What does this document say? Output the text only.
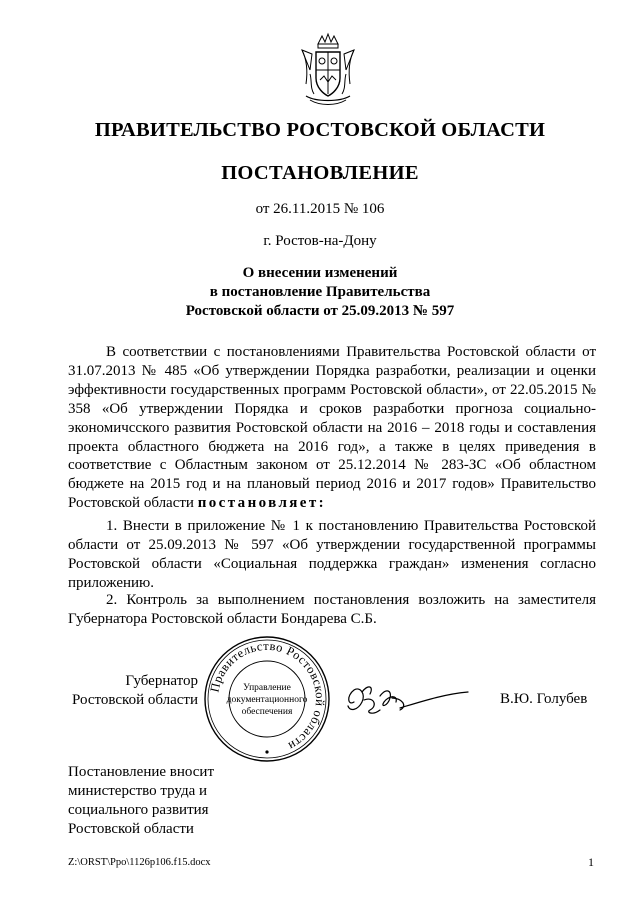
ПРАВИТЕЛЬСТВО РОСТОВСКОЙ ОБЛАСТИ
ПОСТАНОВЛЕНИЕ
от 26.11.2015 № 106
г. Ростов-на-Дону
О внесении изменений
в постановление Правительства
Ростовской области от 25.09.2013 № 597
В соответствии с постановлениями Правительства Ростовской области от 31.07.2013 № 485 «Об утверждении Порядка разработки, реализации и оценки эффективности государственных программ Ростовской области», от 22.05.2015 № 358 «Об утверждении Порядка и сроков разработки прогноза социально-экономичсского развития Ростовской области на 2016 – 2018 годы и составления проекта областного бюджета на 2016 год», а также в целях приведения в соответствие с Областным законом от 25.12.2014 № 283-ЗС «Об областном бюджете на 2015 год и на плановый период 2016 и 2017 годов» Правительство Ростовской области постановляет:
1. Внести в приложение № 1 к постановлению Правительства Ростовской области от 25.09.2013 № 597 «Об утверждении государственной программы Ростовской области «Социальная поддержка граждан» изменения согласно приложению.
2. Контроль за выполнением постановления возложить на заместителя Губернатора Ростовской области Бондарева С.Б.
Губернатор
Ростовской области
Правительство Ростовской области
Управление
документационного
обеспечения
В.Ю. Голубев
Постановление вносит
министерство труда и
социального развития
Ростовской области
Z:\ORST\Ppo\1126p106.f15.docx	1
